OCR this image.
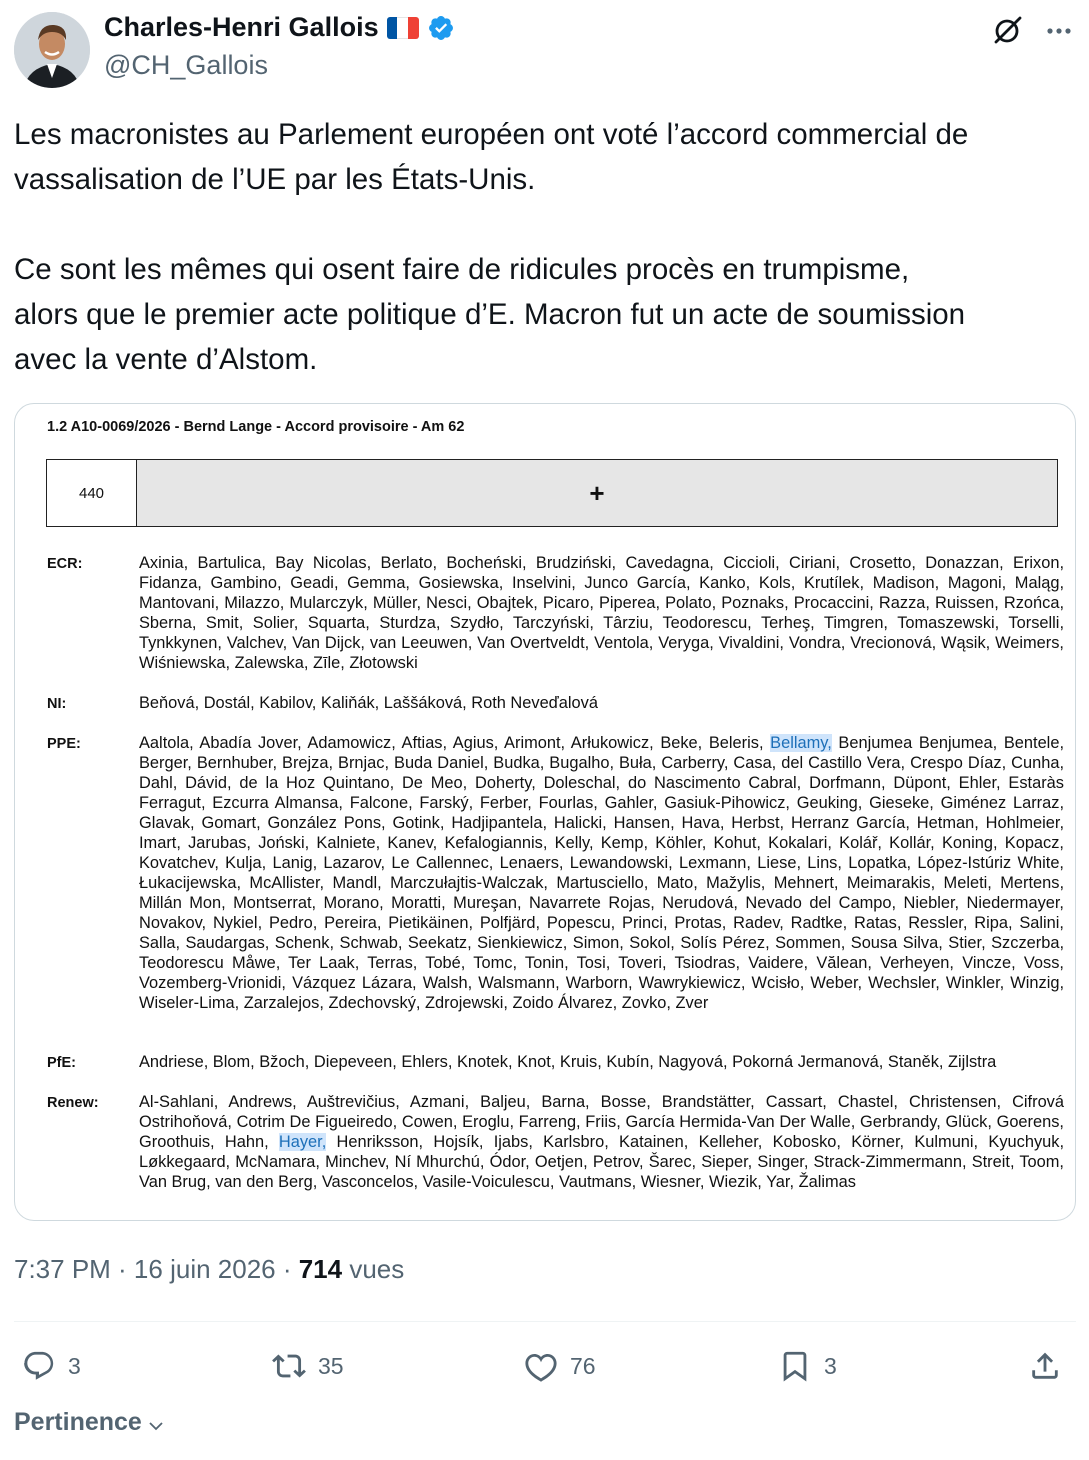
Charles-Henri Gallois
@CH_Gallois

Les macronistes au Parlement européen ont voté l’accord commercial de

vassalisation de l’UE par les États-Unis.

Ce sont les mêmes qui osent faire de ridicules procès en trumpisme,

alors que le premier acte politique d’E. Macron fut un acte de soumission

avec la vente d’Alstom.

1.2 A10-0069/2026 - Bernd Lange - Accord provisoire - Am 62
440	+
ECR:	Axinia, Bartulica, Bay Nicolas, Berlato, Bocheński, Brudziński, Cavedagna, Ciccioli, Ciriani, Crosetto, Donazzan, Erixon, Fidanza, Gambino, Geadi, Gemma, Gosiewska, Inselvini, Junco García, Kanko, Kols, Krutílek, Madison, Magoni, Maląg, Mantovani, Milazzo, Mularczyk, Müller, Nesci, Obajtek, Picaro, Piperea, Polato, Poznaks, Procaccini, Razza, Ruissen, Rzońca, Sberna, Smit, Solier, Squarta, Sturdza, Szydło, Tarczyński, Târziu, Teodorescu, Terheş, Timgren, Tomaszewski, Torselli, Tynkkynen, Valchev, Van Dijck, van Leeuwen, Van Overtveldt, Ventola, Veryga, Vivaldini, Vondra, Vrecionová, Wąsik, Weimers, Wiśniewska, Zalewska, Zīle, Złotowski
NI:	Beňová, Dostál, Kabilov, Kaliňák, Laššáková, Roth Neveďalová
PPE:	Aaltola, Abadía Jover, Adamowicz, Aftias, Agius, Arimont, Arłukowicz, Beke, Beleris, Bellamy, Benjumea Benjumea, Bentele, Berger, Bernhuber, Brejza, Brnjac, Buda Daniel, Budka, Bugalho, Buła, Carberry, Casa, del Castillo Vera, Crespo Díaz, Cunha, Dahl, Dávid, de la Hoz Quintano, De Meo, Doherty, Doleschal, do Nascimento Cabral, Dorfmann, Düpont, Ehler, Estaràs Ferragut, Ezcurra Almansa, Falcone, Farský, Ferber, Fourlas, Gahler, Gasiuk-Pihowicz, Geuking, Gieseke, Giménez Larraz, Glavak, Gomart, González Pons, Gotink, Hadjipantela, Halicki, Hansen, Hava, Herbst, Herranz García, Hetman, Hohlmeier, Imart, Jarubas, Joński, Kalniete, Kanev, Kefalogiannis, Kelly, Kemp, Köhler, Kohut, Kokalari, Kolář, Kollár, Koning, Kopacz, Kovatchev, Kulja, Lanig, Lazarov, Le Callennec, Lenaers, Lewandowski, Lexmann, Liese, Lins, Lopatka, López-Istúriz White, Łukacijewska, McAllister, Mandl, Marczułajtis-Walczak, Martusciello, Mato, Mažylis, Mehnert, Meimarakis, Meleti, Mertens, Millán Mon, Montserrat, Morano, Moratti, Mureşan, Navarrete Rojas, Nerudová, Nevado del Campo, Niebler, Niedermayer, Novakov, Nykiel, Pedro, Pereira, Pietikäinen, Polfjärd, Popescu, Princi, Protas, Radev, Radtke, Ratas, Ressler, Ripa, Salini, Salla, Saudargas, Schenk, Schwab, Seekatz, Sienkiewicz, Simon, Sokol, Solís Pérez, Sommen, Sousa Silva, Stier, Szczerba, Teodorescu Måwe, Ter Laak, Terras, Tobé, Tomc, Tonin, Tosi, Toveri, Tsiodras, Vaidere, Vălean, Verheyen, Vincze, Voss, Vozemberg-Vrionidi, Vázquez Lázara, Walsh, Walsmann, Warborn, Wawrykiewicz, Wcisło, Weber, Wechsler, Winkler, Winzig, Wiseler-Lima, Zarzalejos, Zdechovský, Zdrojewski, Zoido Álvarez, Zovko, Zver
PfE:	Andriese, Blom, Bžoch, Diepeveen, Ehlers, Knotek, Knot, Kruis, Kubín, Nagyová, Pokorná Jermanová, Staněk, Zijlstra
Renew: Al-Sahlani, Andrews, Auštrevičius, Azmani, Baljeu, Barna, Bosse, Brandstätter, Cassart, Chastel, Christensen, Cifrová Ostrihoňová, Cotrim De Figueiredo, Cowen, Eroglu, Farreng, Friis, García Hermida-Van Der Walle, Gerbrandy, Glück, Goerens, Groothuis, Hahn, Hayer, Henriksson, Hojsík, Ijabs, Karlsbro, Katainen, Kelleher, Kobosko, Körner, Kulmuni, Kyuchyuk, Løkkegaard, McNamara, Minchev, Ní Mhurchú, Ódor, Oetjen, Petrov, Šarec, Sieper, Singer, Strack-Zimmermann, Streit, Toom, Van Brug, van den Berg, Vasconcelos, Vasile-Voiculescu, Vautmans, Wiesner, Wiezik, Yar, Žalimas
7:37 PM · 16 juin 2026 · 714 vues
3	35	76	3
Pertinence
